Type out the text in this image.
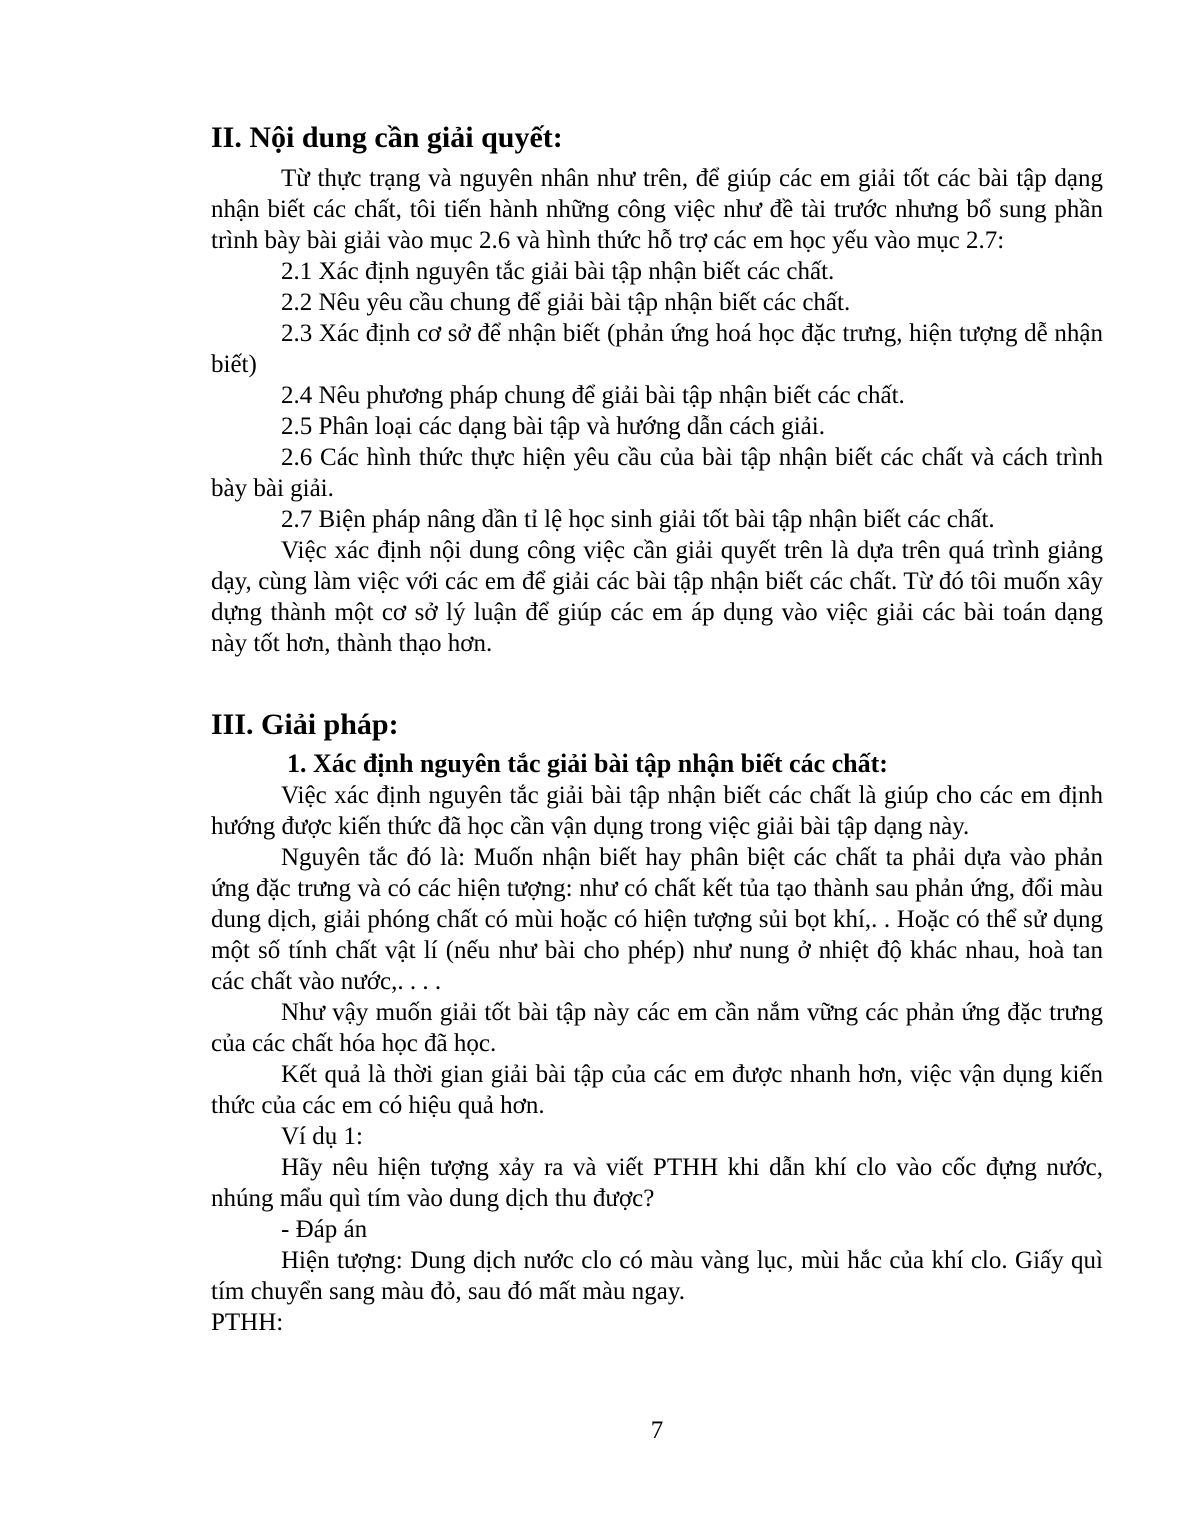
II. Nội dung cần giải quyết:

Từ thực trạng và nguyên nhân như trên, để giúp các em giải tốt các bài tập dạng nhận biết các chất, tôi tiến hành những công việc như đề tài trước nhưng bổ sung phần trình bày bài giải vào mục 2.6 và hình thức hỗ trợ các em học yếu vào mục 2.7:

2.1 Xác định nguyên tắc giải bài tập nhận biết các chất.

2.2 Nêu yêu cầu chung để giải bài tập nhận biết các chất.

2.3 Xác định cơ sở để nhận biết (phản ứng hoá học đặc trưng, hiện tượng dễ nhận biết)

2.4 Nêu phương pháp chung để giải bài tập nhận biết các chất.

2.5 Phân loại các dạng bài tập và hướng dẫn cách giải.

2.6 Các hình thức thực hiện yêu cầu của bài tập nhận biết các chất và cách trình bày bài giải.

2.7 Biện pháp nâng dần tỉ lệ học sinh giải tốt bài tập nhận biết các chất.

Việc xác định nội dung công việc cần giải quyết trên là dựa trên quá trình giảng dạy, cùng làm việc với các em để giải các bài tập nhận biết các chất. Từ đó tôi muốn xây dựng thành một cơ sở lý luận để giúp các em áp dụng vào việc giải các bài toán dạng này tốt hơn, thành thạo hơn.

III. Giải pháp:

1. Xác định nguyên tắc giải bài tập nhận biết các chất:

Việc xác định nguyên tắc giải bài tập nhận biết các chất là giúp cho các em định hướng được kiến thức đã học cần vận dụng trong việc giải bài tập dạng này.

Nguyên tắc đó là: Muốn nhận biết hay phân biệt các chất ta phải dựa vào phản ứng đặc trưng và có các hiện tượng: như có chất kết tủa tạo thành sau phản ứng, đổi màu dung dịch, giải phóng chất có mùi hoặc có hiện tượng sủi bọt khí,. . Hoặc có thể sử dụng một số tính chất vật lí (nếu như bài cho phép) như nung ở nhiệt độ khác nhau, hoà tan các chất vào nước,. . . .

Như vậy muốn giải tốt bài tập này các em cần nắm vững các phản ứng đặc trưng của các chất hóa học đã học.

Kết quả là thời gian giải bài tập của các em được nhanh hơn, việc vận dụng kiến thức của các em có hiệu quả hơn.

Ví dụ 1:

Hãy nêu hiện tượng xảy ra và viết PTHH khi dẫn khí clo vào cốc đựng nước, nhúng mẩu quì tím vào dung dịch thu được?

- Đáp án

Hiện tượng: Dung dịch nước clo có màu vàng lục, mùi hắc của khí clo. Giấy quì tím chuyển sang màu đỏ, sau đó mất màu ngay.

PTHH:

7
